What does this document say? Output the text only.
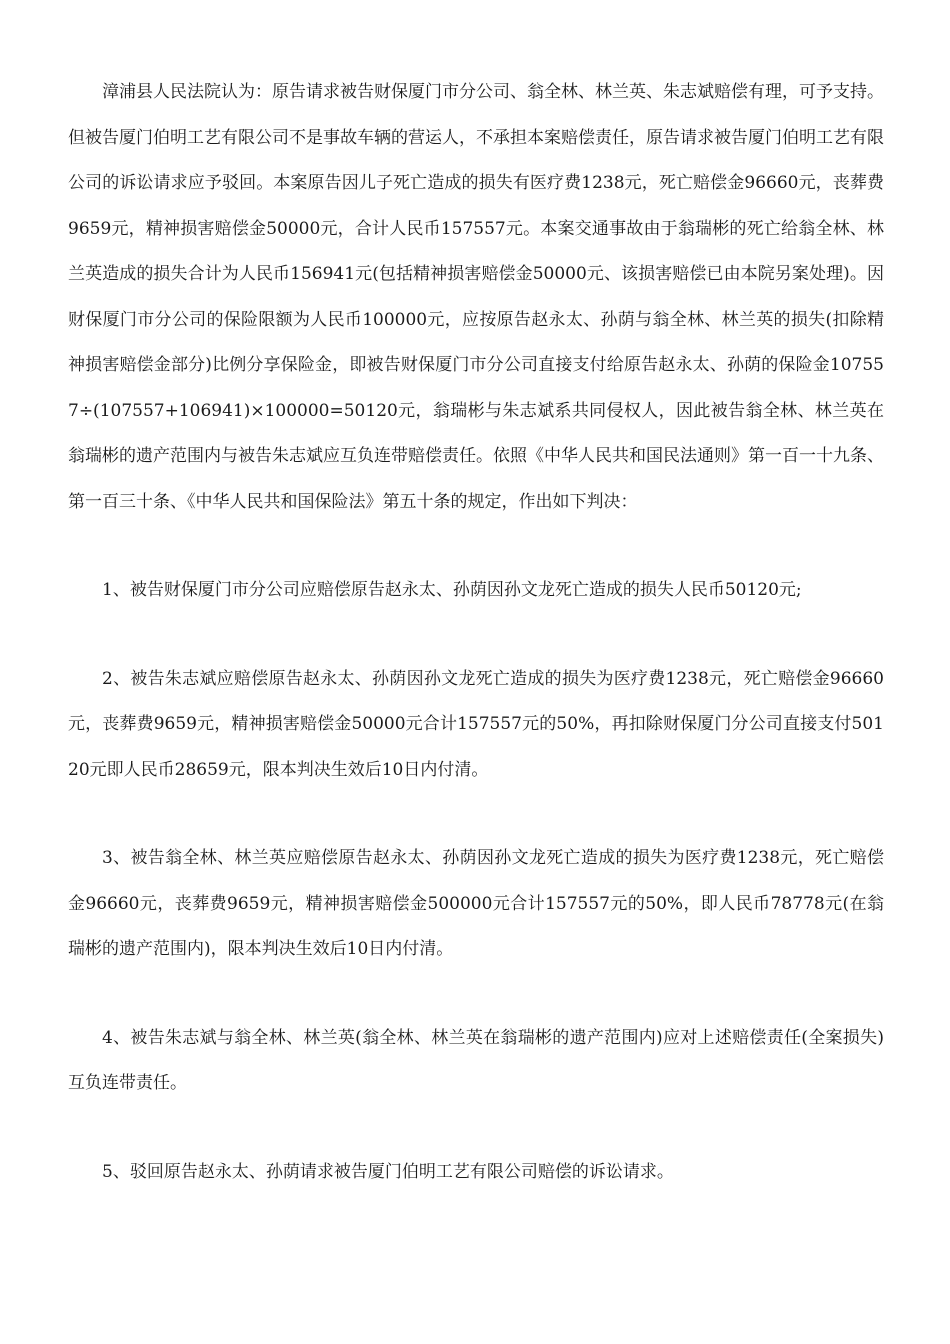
漳浦县人民法院认为：原告请求被告财保厦门市分公司、翁全林、林兰英、朱志斌赔偿有理，可予支持。但被告厦门伯明工艺有限公司不是事故车辆的营运人，不承担本案赔偿责任，原告请求被告厦门伯明工艺有限公司的诉讼请求应予驳回。本案原告因儿子死亡造成的损失有医疗费1238元，死亡赔偿金96660元，丧葬费9659元，精神损害赔偿金50000元，合计人民币157557元。本案交通事故由于翁瑞彬的死亡给翁全林、林兰英造成的损失合计为人民币156941元(包括精神损害赔偿金50000元、该损害赔偿已由本院另案处理)。因财保厦门市分公司的保险限额为人民币100000元，应按原告赵永太、孙荫与翁全林、林兰英的损失(扣除精神损害赔偿金部分)比例分享保险金，即被告财保厦门市分公司直接支付给原告赵永太、孙荫的保险金107557÷(107557+106941)×100000=50120元，翁瑞彬与朱志斌系共同侵权人，因此被告翁全林、林兰英在翁瑞彬的遗产范围内与被告朱志斌应互负连带赔偿责任。依照《中华人民共和国民法通则》第一百一十九条、第一百三十条、《中华人民共和国保险法》第五十条的规定，作出如下判决：

1、被告财保厦门市分公司应赔偿原告赵永太、孙荫因孙文龙死亡造成的损失人民币50120元;

2、被告朱志斌应赔偿原告赵永太、孙荫因孙文龙死亡造成的损失为医疗费1238元，死亡赔偿金96660元，丧葬费9659元，精神损害赔偿金50000元合计157557元的50%，再扣除财保厦门分公司直接支付50120元即人民币28659元，限本判决生效后10日内付清。

3、被告翁全林、林兰英应赔偿原告赵永太、孙荫因孙文龙死亡造成的损失为医疗费1238元，死亡赔偿金96660元，丧葬费9659元，精神损害赔偿金500000元合计157557元的50%，即人民币78778元(在翁瑞彬的遗产范围内)，限本判决生效后10日内付清。

4、被告朱志斌与翁全林、林兰英(翁全林、林兰英在翁瑞彬的遗产范围内)应对上述赔偿责任(全案损失)互负连带责任。

5、驳回原告赵永太、孙荫请求被告厦门伯明工艺有限公司赔偿的诉讼请求。
